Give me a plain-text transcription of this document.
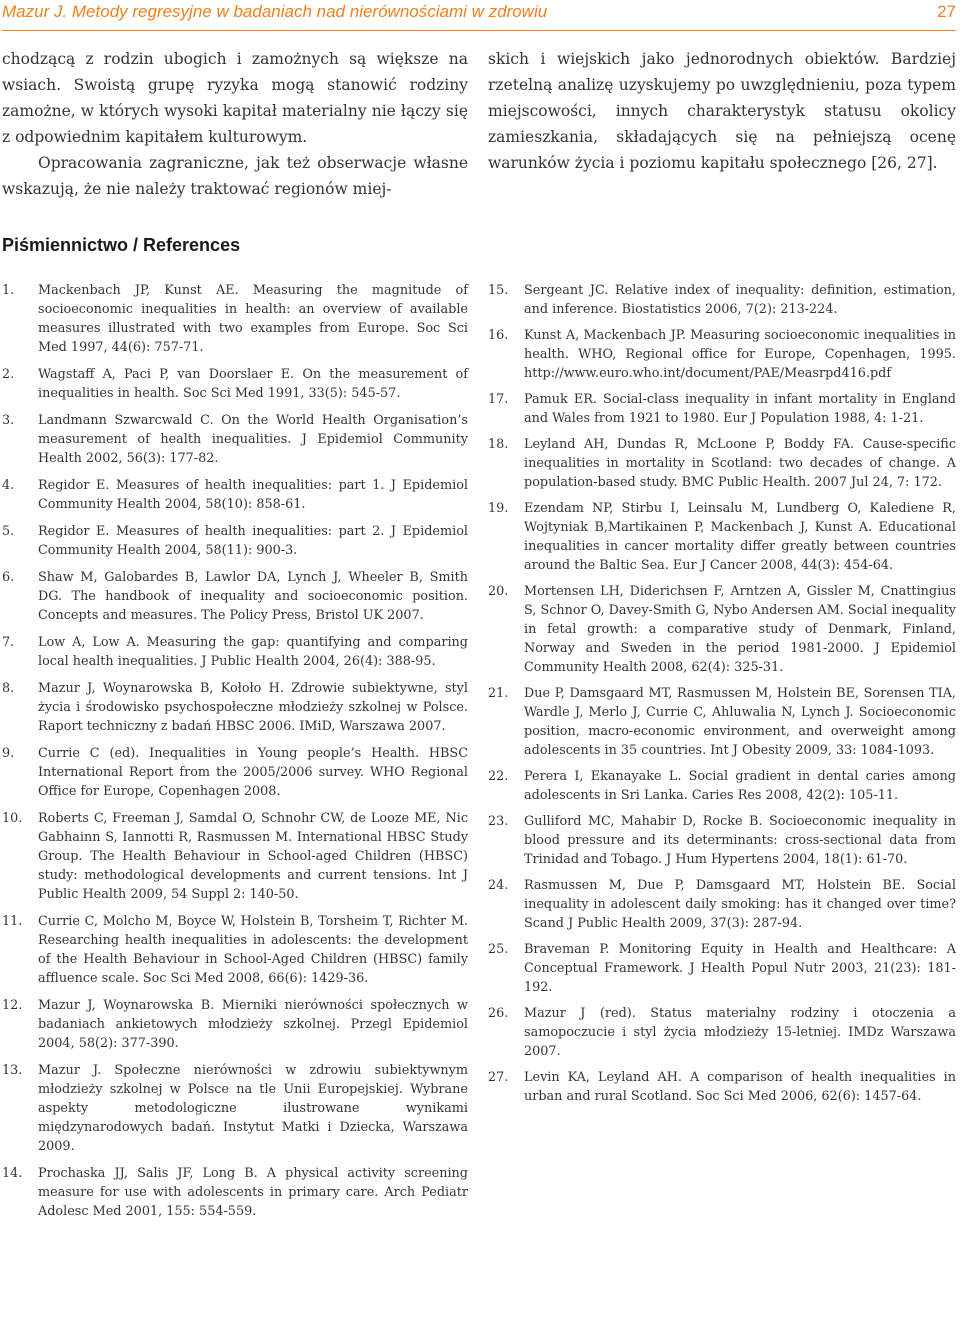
Mazur J. Metody regresyjne w badaniach nad nierównościami w zdrowiu	27

chodzącą z rodzin ubogich i zamożnych są większe na wsiach. Swoistą grupę ryzyka mogą stanowić rodziny zamożne, w których wysoki kapitał materialny nie łączy się z odpowiednim kapitałem kulturowym.

Opracowania zagraniczne, jak też obserwacje własne wskazują, że nie należy traktować regionów miej-

skich i wiejskich jako jednorodnych obiektów. Bardziej rzetelną analizę uzyskujemy po uwzględnieniu, poza typem miejscowości, innych charakterystyk statusu okolicy zamieszkania, składających się na pełniejszą ocenę warunków życia i poziomu kapitału społecznego [26, 27].

Piśmiennictwo / References
1.	Mackenbach JP, Kunst AE. Measuring the magnitude of socioeconomic inequalities in health: an overview of available measures illustrated with two examples from Europe. Soc Sci Med 1997, 44(6): 757-71.
2.	Wagstaff A, Paci P, van Doorslaer E. On the measurement of inequalities in health. Soc Sci Med 1991, 33(5): 545-57.
3.	Landmann Szwarcwald C. On the World Health Organisation’s measurement of health inequalities. J Epidemiol Community Health 2002, 56(3): 177-82.
4.	Regidor E. Measures of health inequalities: part 1. J Epidemiol Community Health 2004, 58(10): 858-61.
5.	Regidor E. Measures of health inequalities: part 2. J Epidemiol Community Health 2004, 58(11): 900-3.
6.	Shaw M, Galobardes B, Lawlor DA, Lynch J, Wheeler B, Smith DG. The handbook of inequality and socioeconomic position. Concepts and measures. The Policy Press, Bristol UK 2007.
7.	Low A, Low A. Measuring the gap: quantifying and comparing local health inequalities. J Public Health 2004, 26(4): 388-95.
8.	Mazur J, Woynarowska B, Kołoło H. Zdrowie subiektywne, styl życia i środowisko psychospołeczne młodzieży szkolnej w Polsce. Raport techniczny z badań HBSC 2006. IMiD, Warszawa 2007.
9.	Currie C (ed). Inequalities in Young people’s Health. HBSC International Report from the 2005/2006 survey. WHO Regional Office for Europe, Copenhagen 2008.
10.	Roberts C, Freeman J, Samdal O, Schnohr CW, de Looze ME, Nic Gabhainn S, Iannotti R, Rasmussen M. International HBSC Study Group. The Health Behaviour in School-aged Children (HBSC) study: methodological developments and current tensions. Int J Public Health 2009, 54 Suppl 2: 140-50.
11.	Currie C, Molcho M, Boyce W, Holstein B, Torsheim T, Richter M. Researching health inequalities in adolescents: the development of the Health Behaviour in School-Aged Children (HBSC) family affluence scale. Soc Sci Med 2008, 66(6): 1429-36.
12.	Mazur J, Woynarowska B. Mierniki nierówności społecznych w badaniach ankietowych młodzieży szkolnej. Przegl Epidemiol 2004, 58(2): 377-390.
13.	Mazur J. Społeczne nierówności w zdrowiu subiektywnym młodzieży szkolnej w Polsce na tle Unii Europejskiej. Wybrane aspekty metodologiczne ilustrowane wynikami międzynarodowych badań. Instytut Matki i Dziecka, Warszawa 2009.
14.	Prochaska JJ, Salis JF, Long B. A physical activity screening measure for use with adolescents in primary care. Arch Pediatr Adolesc Med 2001, 155: 554-559.
15.	Sergeant JC. Relative index of inequality: definition, estimation, and inference. Biostatistics 2006, 7(2): 213-224.
16.	Kunst A, Mackenbach JP. Measuring socioeconomic inequalities in health. WHO, Regional office for Europe, Copenhagen, 1995. http://www.euro.who.int/document/PAE/Measrpd416.pdf
17.	Pamuk ER. Social-class inequality in infant mortality in England and Wales from 1921 to 1980. Eur J Population 1988, 4: 1-21.
18.	Leyland AH, Dundas R, McLoone P, Boddy FA. Cause-specific inequalities in mortality in Scotland: two decades of change. A population-based study. BMC Public Health. 2007 Jul 24, 7: 172.
19.	Ezendam NP, Stirbu I, Leinsalu M, Lundberg O, Kalediene R, Wojtyniak B,Martikainen P, Mackenbach J, Kunst A. Educational inequalities in cancer mortality differ greatly between countries around the Baltic Sea. Eur J Cancer 2008, 44(3): 454-64.
20.	Mortensen LH, Diderichsen F, Arntzen A, Gissler M, Cnattingius S, Schnor O, Davey-Smith G, Nybo Andersen AM. Social inequality in fetal growth: a comparative study of Denmark, Finland, Norway and Sweden in the period 1981-2000. J Epidemiol Community Health 2008, 62(4): 325-31.
21.	Due P, Damsgaard MT, Rasmussen M, Holstein BE, Sorensen TIA, Wardle J, Merlo J, Currie C, Ahluwalia N, Lynch J. Socioeconomic position, macro-economic environment, and overweight among adolescents in 35 countries. Int J Obesity 2009, 33: 1084-1093.
22.	Perera I, Ekanayake L. Social gradient in dental caries among adolescents in Sri Lanka. Caries Res 2008, 42(2): 105-11.
23.	Gulliford MC, Mahabir D, Rocke B. Socioeconomic inequality in blood pressure and its determinants: cross-sectional data from Trinidad and Tobago. J Hum Hypertens 2004, 18(1): 61-70.
24.	Rasmussen M, Due P, Damsgaard MT, Holstein BE. Social inequality in adolescent daily smoking: has it changed over time? Scand J Public Health 2009, 37(3): 287-94.
25.	Braveman P. Monitoring Equity in Health and Healthcare: A Conceptual Framework. J Health Popul Nutr 2003, 21(23): 181-192.
26.	Mazur J (red). Status materialny rodziny i otoczenia a samopoczucie i styl życia młodzieży 15-letniej. IMDz Warszawa 2007.
27.	Levin KA, Leyland AH. A comparison of health inequalities in urban and rural Scotland. Soc Sci Med 2006, 62(6): 1457-64.
